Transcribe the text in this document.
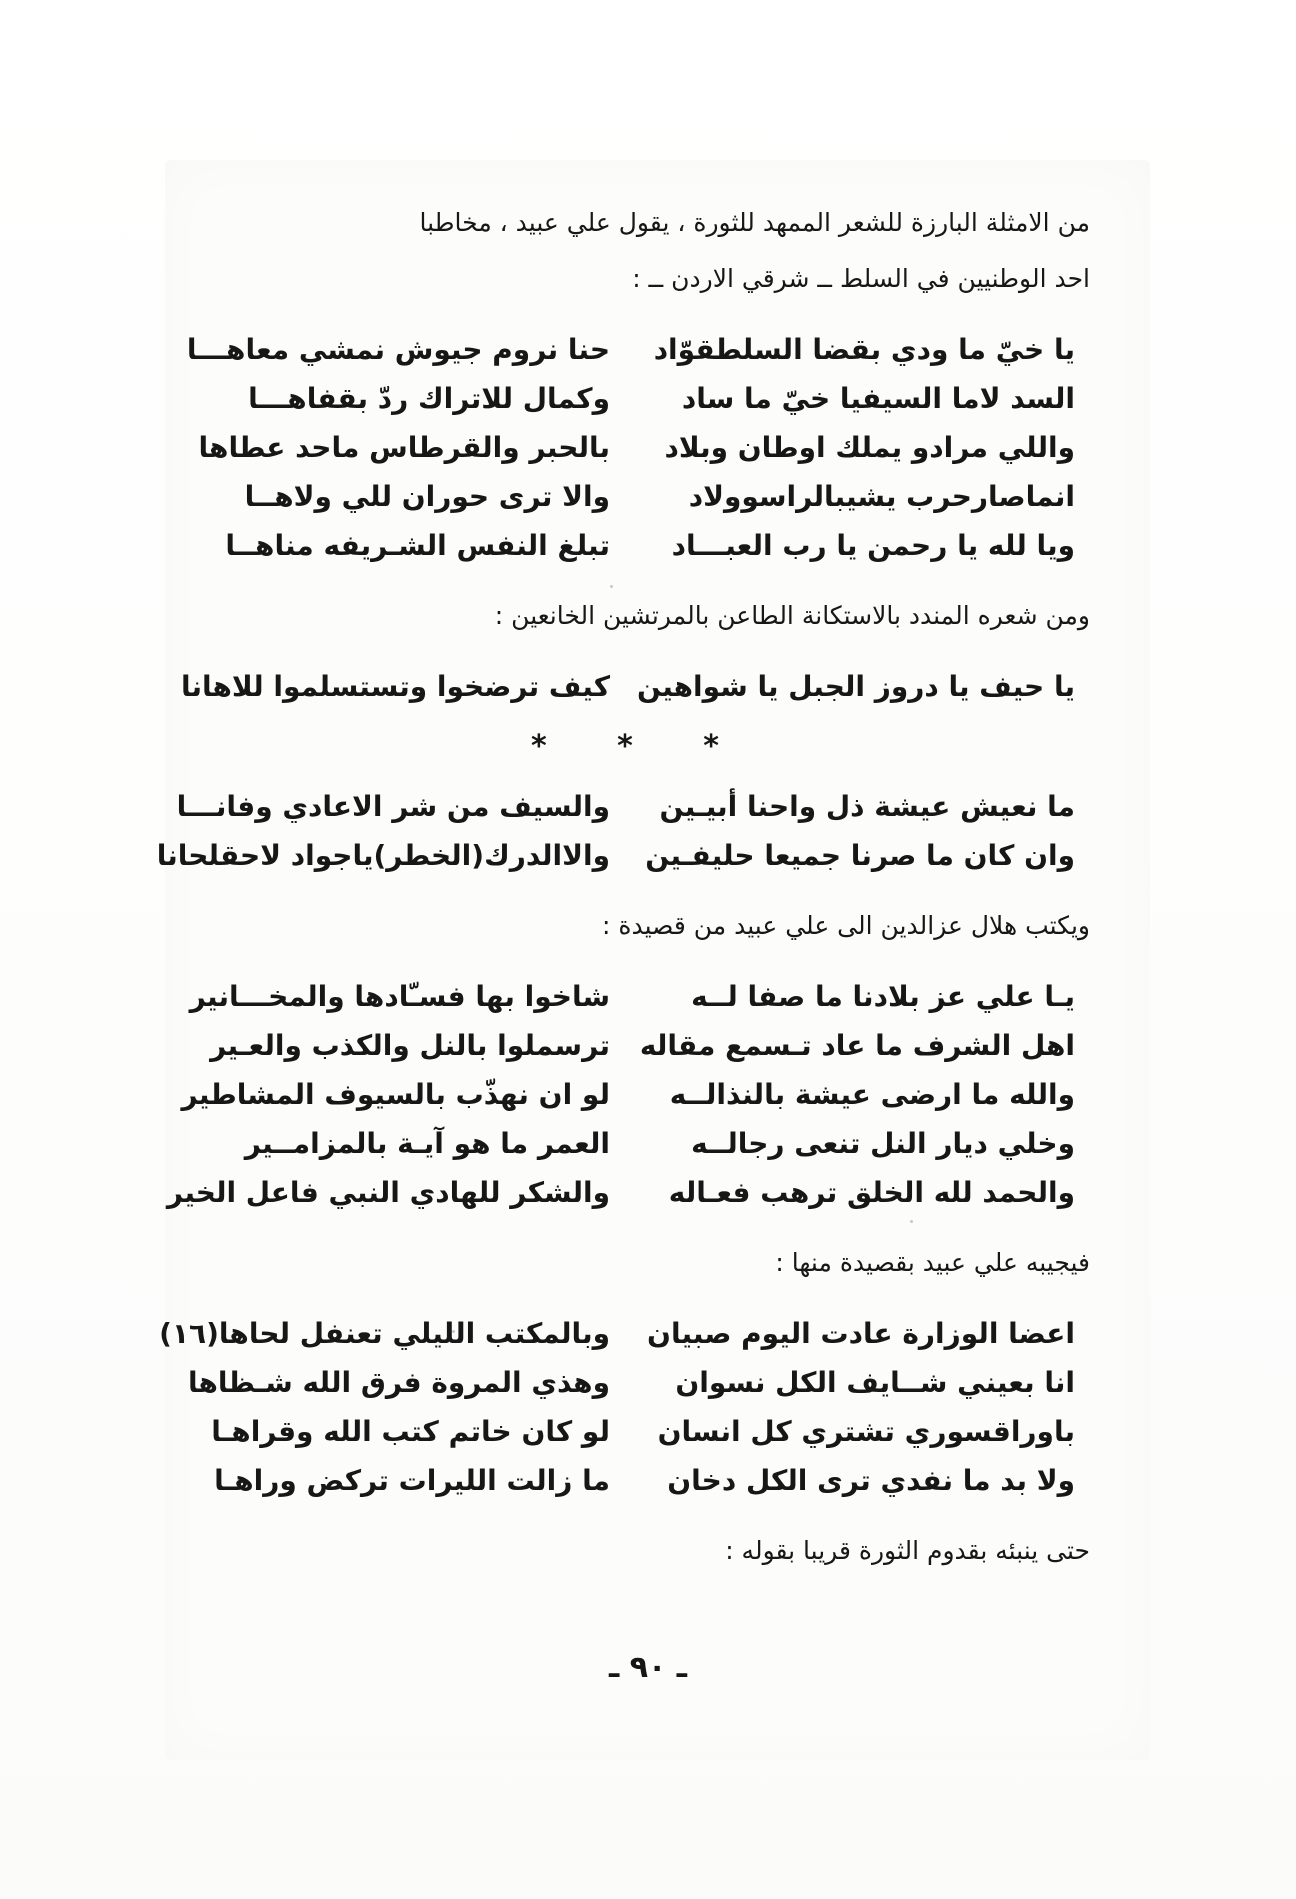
من الامثلة البارزة للشعر الممهد للثورة ، يقول علي عبيد ، مخاطبا

احد الوطنيين في السلط ــ شرقي الاردن ــ :

يا خيّ ما ودي بقضا السلطقوّاد
حنا نروم جيوش نمشي معاهـــا
السد لاما السيفيا خيّ ما ساد
وكمال للاتراك ردّ بقفاهـــا
واللي مرادو يملك اوطان وبلاد
بالحبر والقرطاس ماحد عطاها
انماصارحرب يشيبالراسوولاد
والا ترى حوران للي ولاهــا
ويا لله يا رحمن يا رب العبـــاد
تبلغ النفس الشـريفه مناهــا

ومن شعره المندد بالاستكانة الطاعن بالمرتشين الخانعين :

يا حيف يا دروز الجبل يا شواهين
كيف ترضخوا وتستسلموا للاهانا
* * *
ما نعيش عيشة ذل واحنا أبيـين
والسيف من شر الاعادي وفانـــا
وان كان ما صرنا جميعا حليفـين
والاالدرك(الخطر)ياجواد لاحقلحانا

ويكتب هلال عزالدين الى علي عبيد من قصيدة :

يـا علي عز بلادنا ما صفا لــه
شاخوا بها فسـّادها والمخـــانير
اهل الشرف ما عاد تـسمع مقاله
ترسملوا بالنل والكذب والعـير
والله ما ارضى عيشة بالنذالــه
لو ان نهذّب بالسيوف المشاطير
وخلي ديار النل تنعى رجالــه
العمر ما هو آيـة بالمزامــير
والحمد لله الخلق ترهب فعـاله
والشكر للهادي النبي فاعل الخير

فيجيبه علي عبيد بقصيدة منها :

اعضا الوزارة عادت اليوم صبيان
وبالمكتب الليلي تعنفل لحاها(١٦)
انا بعيني شــايف الكل نسوان
وهذي المروة فرق الله شـظاها
باوراقسوري تشتري كل انسان
لو كان خاتم كتب الله وقراهـا
ولا بد ما نفدي ترى الكل دخان
ما زالت الليرات تركض وراهـا

حتى ينبئه بقدوم الثورة قريبا بقوله :

ـ ٩٠ ـ
